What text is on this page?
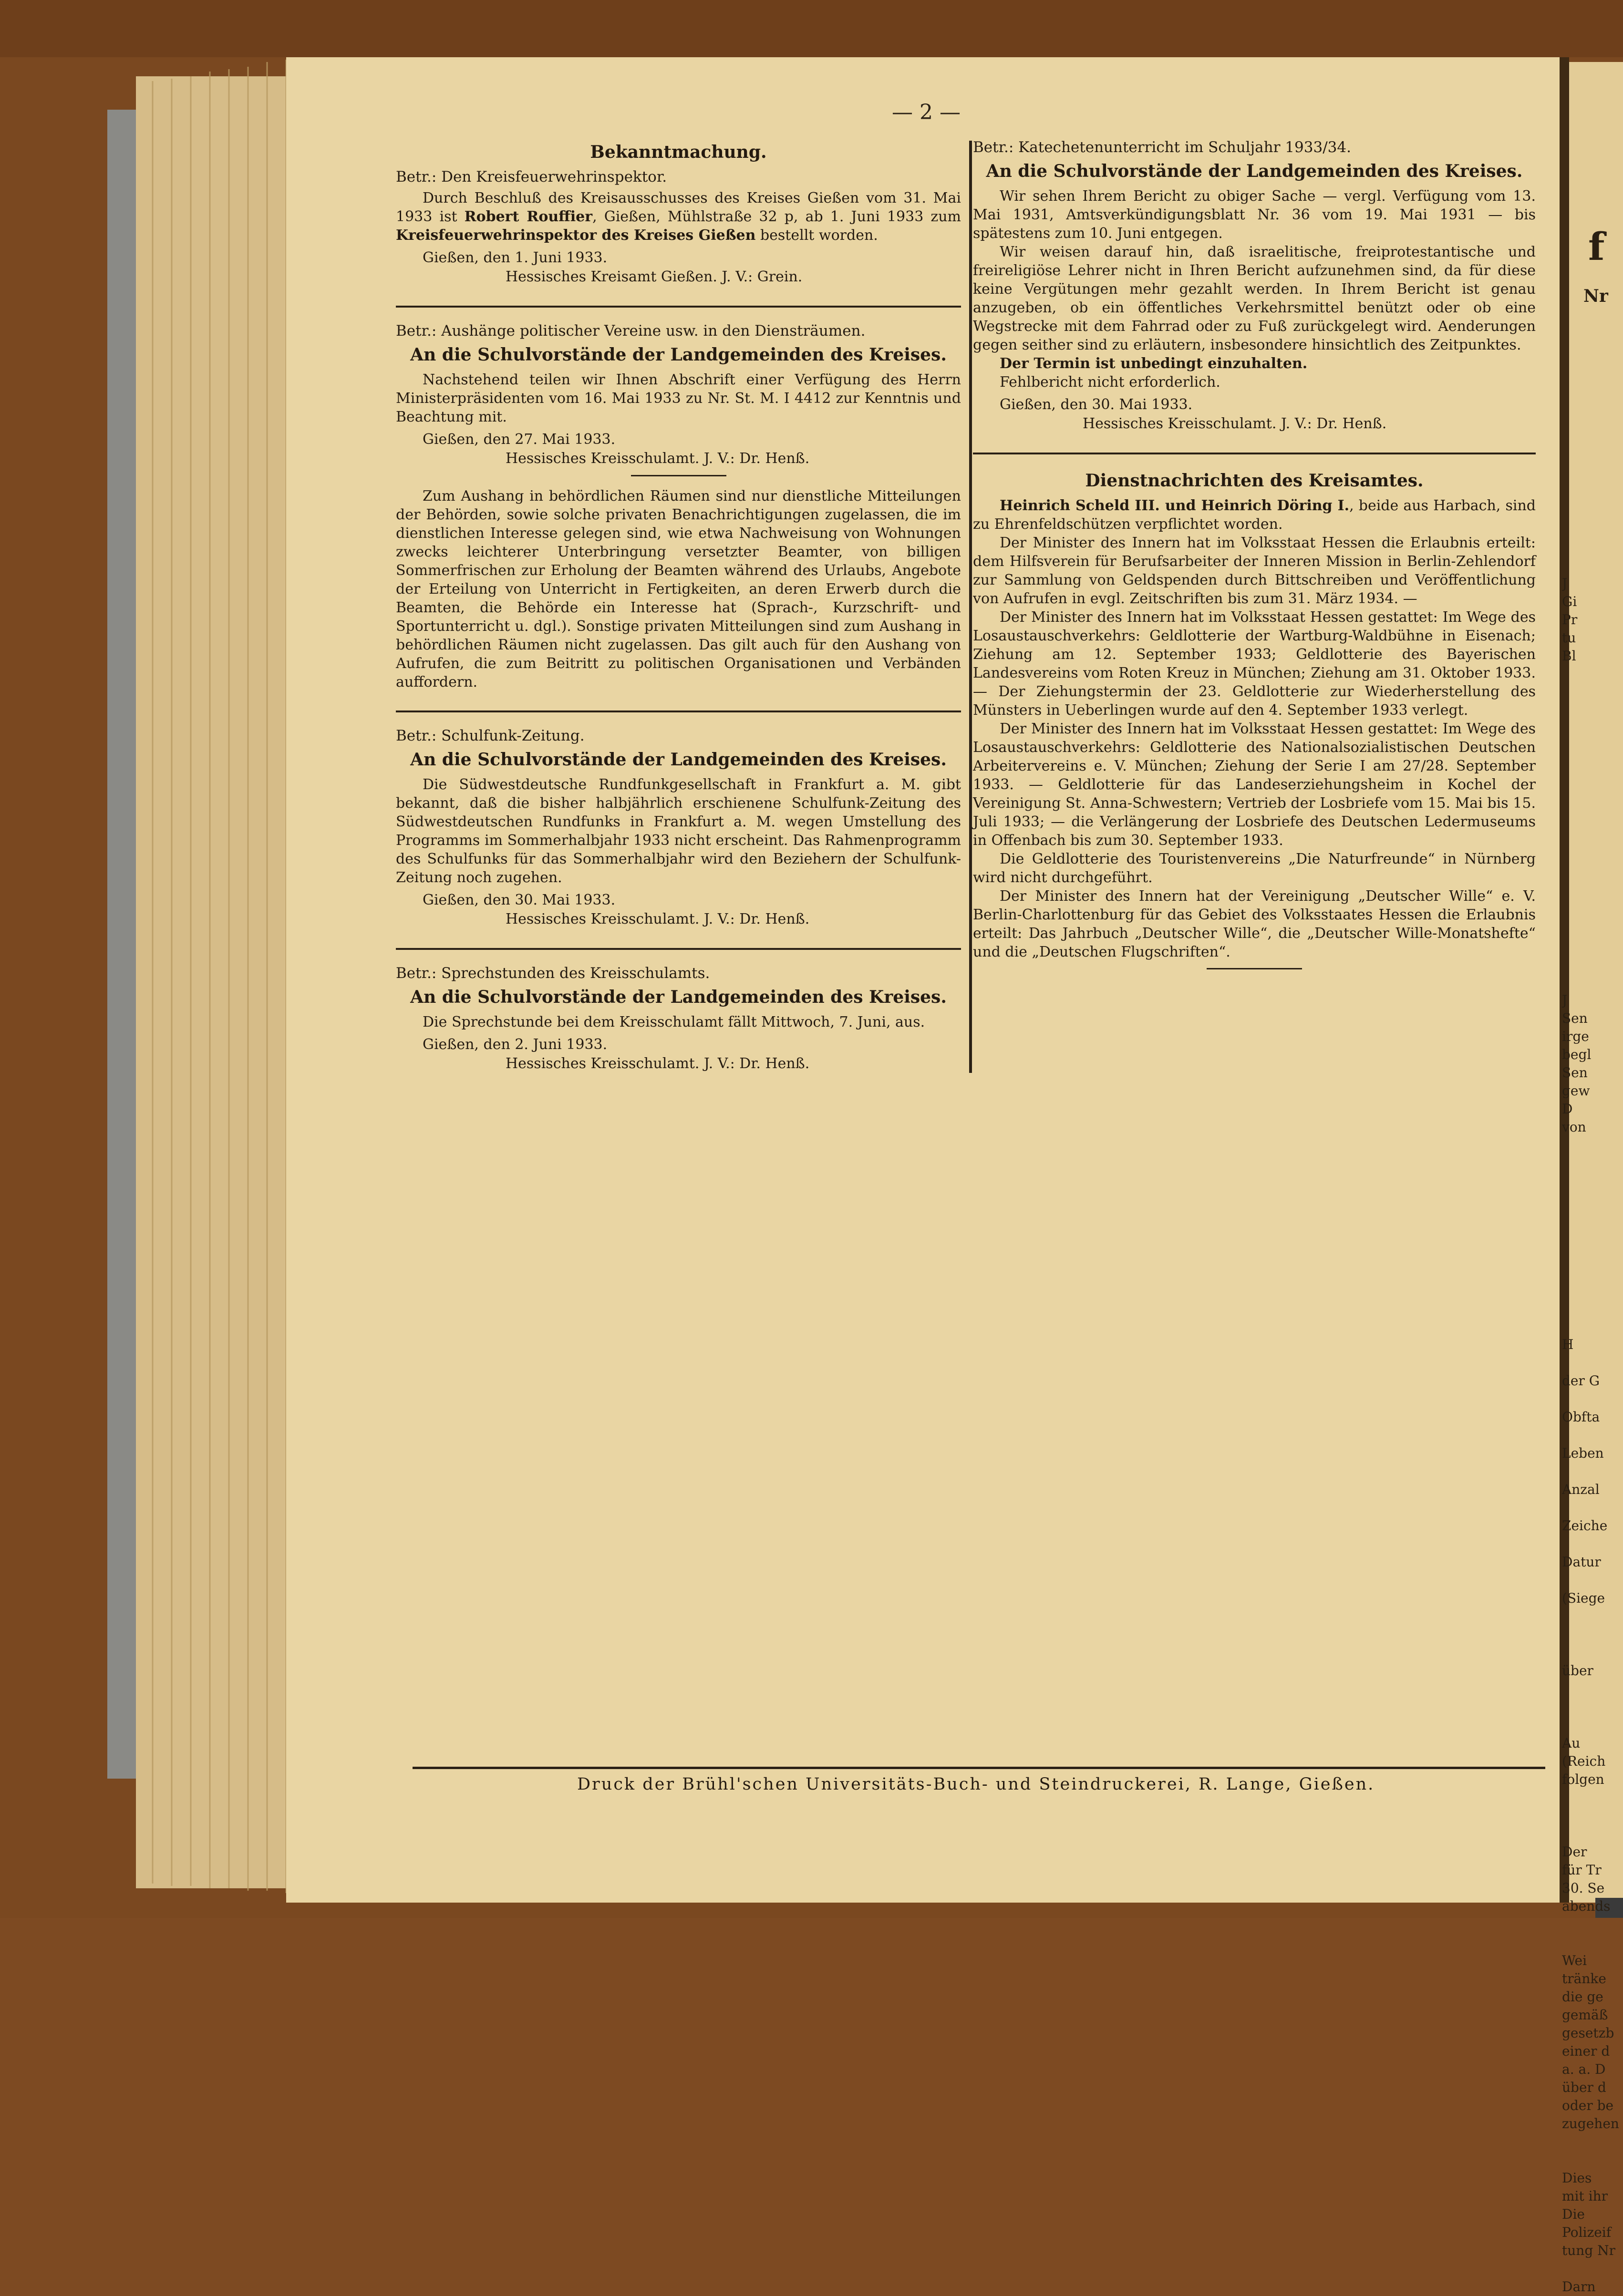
— 2 —
Bekanntmachung.

Betr.: Den Kreisfeuerwehrinspektor.

Durch Beschluß des Kreisausschusses des Kreises Gießen vom 31. Mai 1933 ist Robert Rouffier, Gießen, Mühlstraße 32 p, ab 1. Juni 1933 zum Kreisfeuerwehrinspektor des Kreises Gießen bestellt worden.

Gießen, den 1. Juni 1933.

Hessisches Kreisamt Gießen. J. V.: Grein.

Betr.: Aushänge politischer Vereine usw. in den Diensträumen.

An die Schulvorstände der Landgemeinden des Kreises.

Nachstehend teilen wir Ihnen Abschrift einer Verfügung des Herrn Ministerpräsidenten vom 16. Mai 1933 zu Nr. St. M. I 4412 zur Kenntnis und Beachtung mit.

Gießen, den 27. Mai 1933.

Hessisches Kreisschulamt. J. V.: Dr. Henß.

Zum Aushang in behördlichen Räumen sind nur dienstliche Mitteilungen der Behörden, sowie solche privaten Benachrichtigungen zugelassen, die im dienstlichen Interesse gelegen sind, wie etwa Nachweisung von Wohnungen zwecks leichterer Unterbringung versetzter Beamter, von billigen Sommerfrischen zur Erholung der Beamten während des Urlaubs, Angebote der Erteilung von Unterricht in Fertigkeiten, an deren Erwerb durch die Beamten, die Behörde ein Interesse hat (Sprach-, Kurzschrift- und Sportunterricht u. dgl.). Sonstige privaten Mitteilungen sind zum Aushang in behördlichen Räumen nicht zugelassen. Das gilt auch für den Aushang von Aufrufen, die zum Beitritt zu politischen Organisationen und Verbänden auffordern.

Betr.: Schulfunk-Zeitung.

An die Schulvorstände der Landgemeinden des Kreises.

Die Südwestdeutsche Rundfunkgesellschaft in Frankfurt a. M. gibt bekannt, daß die bisher halbjährlich erschienene Schulfunk-Zeitung des Südwestdeutschen Rundfunks in Frankfurt a. M. wegen Umstellung des Programms im Sommerhalbjahr 1933 nicht erscheint. Das Rahmenprogramm des Schulfunks für das Sommerhalbjahr wird den Beziehern der Schulfunk-Zeitung noch zugehen.

Gießen, den 30. Mai 1933.

Hessisches Kreisschulamt. J. V.: Dr. Henß.

Betr.: Sprechstunden des Kreisschulamts.

An die Schulvorstände der Landgemeinden des Kreises.

Die Sprechstunde bei dem Kreisschulamt fällt Mittwoch, 7. Juni, aus.

Gießen, den 2. Juni 1933.

Hessisches Kreisschulamt. J. V.: Dr. Henß.

Betr.: Katechetenunterricht im Schuljahr 1933/34.

An die Schulvorstände der Landgemeinden des Kreises.

Wir sehen Ihrem Bericht zu obiger Sache — vergl. Verfügung vom 13. Mai 1931, Amtsverkündigungsblatt Nr. 36 vom 19. Mai 1931 — bis spätestens zum 10. Juni entgegen.

Wir weisen darauf hin, daß israelitische, freiprotestantische und freireligiöse Lehrer nicht in Ihren Bericht aufzunehmen sind, da für diese keine Vergütungen mehr gezahlt werden. In Ihrem Bericht ist genau anzugeben, ob ein öffentliches Verkehrsmittel benützt oder ob eine Wegstrecke mit dem Fahrrad oder zu Fuß zurückgelegt wird. Aenderungen gegen seither sind zu erläutern, insbesondere hinsichtlich des Zeitpunktes.

Der Termin ist unbedingt einzuhalten.

Fehlbericht nicht erforderlich.

Gießen, den 30. Mai 1933.

Hessisches Kreisschulamt. J. V.: Dr. Henß.

Dienstnachrichten des Kreisamtes.

Heinrich Scheld III. und Heinrich Döring I., beide aus Harbach, sind zu Ehrenfeldschützen verpflichtet worden.

Der Minister des Innern hat im Volksstaat Hessen die Erlaubnis erteilt: dem Hilfsverein für Berufsarbeiter der Inneren Mission in Berlin-Zehlendorf zur Sammlung von Geldspenden durch Bittschreiben und Veröffentlichung von Aufrufen in evgl. Zeitschriften bis zum 31. März 1934. —

Der Minister des Innern hat im Volksstaat Hessen gestattet: Im Wege des Losaustauschverkehrs: Geldlotterie der Wartburg-Waldbühne in Eisenach; Ziehung am 12. September 1933; Geldlotterie des Bayerischen Landesvereins vom Roten Kreuz in München; Ziehung am 31. Oktober 1933. — Der Ziehungstermin der 23. Geldlotterie zur Wiederherstellung des Münsters in Ueberlingen wurde auf den 4. September 1933 verlegt.

Der Minister des Innern hat im Volksstaat Hessen gestattet: Im Wege des Losaustauschverkehrs: Geldlotterie des Nationalsozialistischen Deutschen Arbeitervereins e. V. München; Ziehung der Serie I am 27/28. September 1933. — Geldlotterie für das Landeserziehungsheim in Kochel der Vereinigung St. Anna-Schwestern; Vertrieb der Losbriefe vom 15. Mai bis 15. Juli 1933; — die Verlängerung der Losbriefe des Deutschen Ledermuseums in Offenbach bis zum 30. September 1933.

Die Geldlotterie des Touristenvereins „Die Naturfreunde“ in Nürnberg wird nicht durchgeführt.

Der Minister des Innern hat der Vereinigung „Deutscher Wille“ e. V. Berlin-Charlottenburg für das Gebiet des Volksstaates Hessen die Erlaubnis erteilt: Das Jahrbuch „Deutscher Wille“, die „Deutscher Wille-Monatshefte“ und die „Deutschen Flugschriften“.

Druck der Brühl'schen Universitäts-Buch- und Steindruckerei, R. Lange, Gießen.
f
Nr
J
Gi
Pr
tu
Bl
J
Sen
irge
begl
Sen
gew
D
von
H
der G
Obfta
Leben
Anzal
Zeiche
Datur
(Siege
über
Au
(Reich
folgen
Der
für Tr
30. Se
abends
Wei
tränke
die ge
gemäß
gesetzb
einer d
a. a. D
über d
oder be
zugehen
Dies
mit ihr
Die
Polizeif
tung Nr
Darn
